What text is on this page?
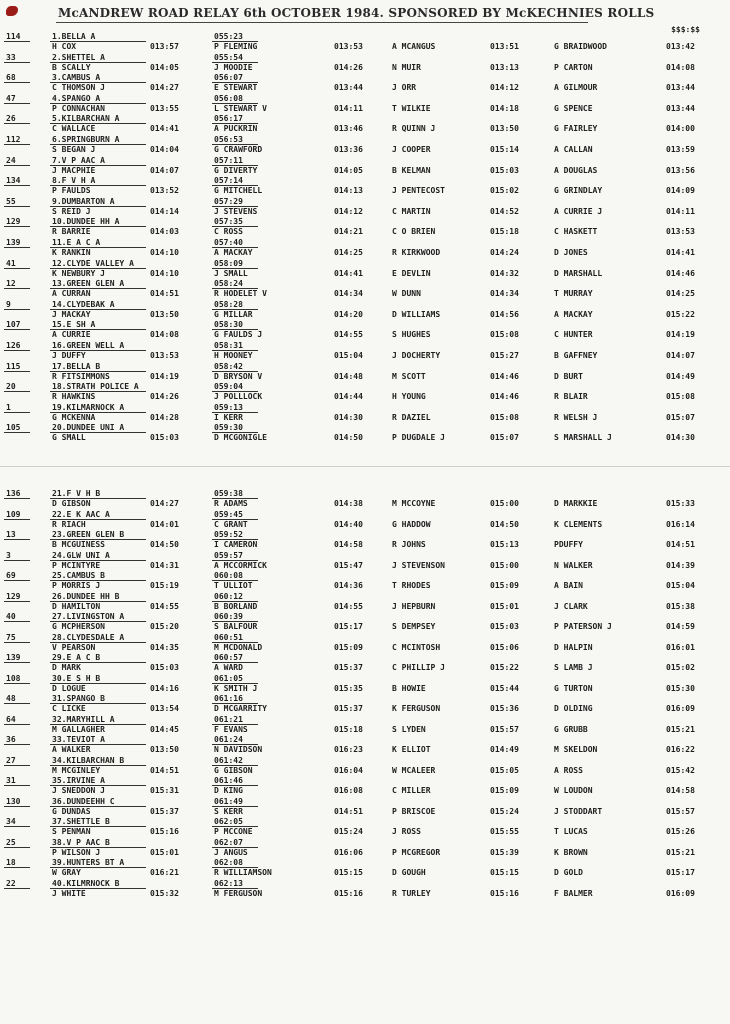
McANDREW ROAD RELAY 6th OCTOBER 1984. SPONSORED BY McKECHNIES ROLLS
$$$:$$
114	1.BELLA A	055:23
H COX	013:57	P FLEMING	013:53	A MCANGUS	013:51	G BRAIDWOOD	013:42
33	2.SHETTEL A	055:54
B SCALLY	014:05	J MOODIE	014:26	N MUIR	013:13	P CARTON	014:08
68	3.CAMBUS A	056:07
C THOMSON J	014:27	E STEWART	013:44	J ORR	014:12	A GILMOUR	013:44
47	4.SPANGO A	056:08
P CONNACHAN	013:55	L STEWART V	014:11	T WILKIE	014:18	G SPENCE	013:44
26	5.KILBARCHAN A	056:17
C WALLACE	014:41	A PUCKRIN	013:46	R QUINN J	013:50	G FAIRLEY	014:00
112	6.SPRINGBURN A	056:53
S BEGAN J	014:04	G CRAWFORD	013:36	J COOPER	015:14	A CALLAN	013:59
24	7.V P AAC A	057:11
J MACPHIE	014:07	G DIVERTY	014:05	B KELMAN	015:03	A DOUGLAS	013:56
134	8.F V H A	057:14
P FAULDS	013:52	G MITCHELL	014:13	J PENTECOST	015:02	G GRINDLAY	014:09
55	9.DUMBARTON A	057:29
S REID J	014:14	J STEVENS	014:12	C MARTIN	014:52	A CURRIE J	014:11
129	10.DUNDEE HH A	057:35
R BARRIE	014:03	C ROSS	014:21	C O BRIEN	015:18	C HASKETT	013:53
139	11.E A C A	057:40
K RANKIN	014:10	A MACKAY	014:25	R KIRKWOOD	014:24	D JONES	014:41
41	12.CLYDE VALLEY A	058:09
K NEWBURY J	014:10	J SMALL	014:41	E DEVLIN	014:32	D MARSHALL	014:46
12	13.GREEN GLEN A	058:24
A CURRAN	014:51	R HODELET V	014:34	W DUNN	014:34	T MURRAY	014:25
9	14.CLYDEBAK A	058:28
J MACKAY	013:50	G MILLAR	014:20	D WILLIAMS	014:56	A MACKAY	015:22
107	15.E SH A	058:30
A CURRIE	014:08	G FAULDS J	014:55	S HUGHES	015:08	C HUNTER	014:19
126	16.GREEN WELL A	058:31
J DUFFY	013:53	H MOONEY	015:04	J DOCHERTY	015:27	B GAFFNEY	014:07
115	17.BELLA B	058:42
R FITSIMMONS	014:19	D BRYSON V	014:48	M SCOTT	014:46	D BURT	014:49
20	18.STRATH POLICE A	059:04
R HAWKINS	014:26	J POLLLOCK	014:44	H YOUNG	014:46	R BLAIR	015:08
1	19.KILMARNOCK A	059:13
G MCKENNA	014:28	I KERR	014:30	R DAZIEL	015:08	R WELSH J	015:07
105	20.DUNDEE UNI A	059:30
G SMALL	015:03	D MCGONIGLE	014:50	P DUGDALE J	015:07	S MARSHALL J	014:30
136	21.F V H B	059:38
D GIBSON	014:27	R ADAMS	014:38	M MCCOYNE	015:00	D MARKKIE	015:33
109	22.E K AAC A	059:45
R RIACH	014:01	C GRANT	014:40	G HADDOW	014:50	K CLEMENTS	016:14
13	23.GREEN GLEN B	059:52
B MCGUINESS	014:50	I CAMERON	014:58	R JOHNS	015:13	PDUFFY	014:51
3	24.GLW UNI A	059:57
P MCINTYRE	014:31	A MCCORMICK	015:47	J STEVENSON	015:00	N WALKER	014:39
69	25.CAMBUS B	060:08
P MORRIS J	015:19	T ULLIOT	014:36	T RHODES	015:09	A BAIN	015:04
129	26.DUNDEE HH B	060:12
D HAMILTON	014:55	B BORLAND	014:55	J HEPBURN	015:01	J CLARK	015:38
40	27.LIVINGSTON A	060:39
G MCPHERSON	015:20	S BALFOUR	015:17	S DEMPSEY	015:03	P PATERSON J	014:59
75	28.CLYDESDALE A	060:51
V PEARSON	014:35	M MCDONALD	015:09	C MCINTOSH	015:06	D HALPIN	016:01
139	29.E A C B	060:57
D MARK	015:03	A WARD	015:37	C PHILLIP J	015:22	S LAMB J	015:02
108	30.E S H B	061:05
D LOGUE	014:16	K SMITH J	015:35	B HOWIE	015:44	G TURTON	015:30
48	31.SPANGO B	061:16
C LICKE	013:54	D MCGARRITY	015:37	K FERGUSON	015:36	D OLDING	016:09
64	32.MARYHILL A	061:21
M GALLAGHER	014:45	F EVANS	015:18	S LYDEN	015:57	G GRUBB	015:21
36	33.TEVIOT A	061:24
A WALKER	013:50	N DAVIDSON	016:23	K ELLIOT	014:49	M SKELDON	016:22
27	34.KILBARCHAN B	061:42
M MCGINLEY	014:51	G GIBSON	016:04	W MCALEER	015:05	A ROSS	015:42
31	35.IRVINE A	061:46
J SNEDDON J	015:31	D KING	016:08	C MILLER	015:09	W LOUDON	014:58
130	36.DUNDEEHH C	061:49
G DUNDAS	015:37	S KERR	014:51	P BRISCOE	015:24	J STODDART	015:57
34	37.SHETTLE B	062:05
S PENMAN	015:16	P MCCONE	015:24	J ROSS	015:55	T LUCAS	015:26
25	38.V P AAC B	062:07
P WILSON J	015:01	J ANGUS	016:06	P MCGREGOR	015:39	K BROWN	015:21
18	39.HUNTERS BT A	062:08
W GRAY	016:21	R WILLIAMSON	015:15	D GOUGH	015:15	D GOLD	015:17
22	40.KILMRNOCK B	062:13
J WHITE	015:32	M FERGUSON	015:16	R TURLEY	015:16	F BALMER	016:09
